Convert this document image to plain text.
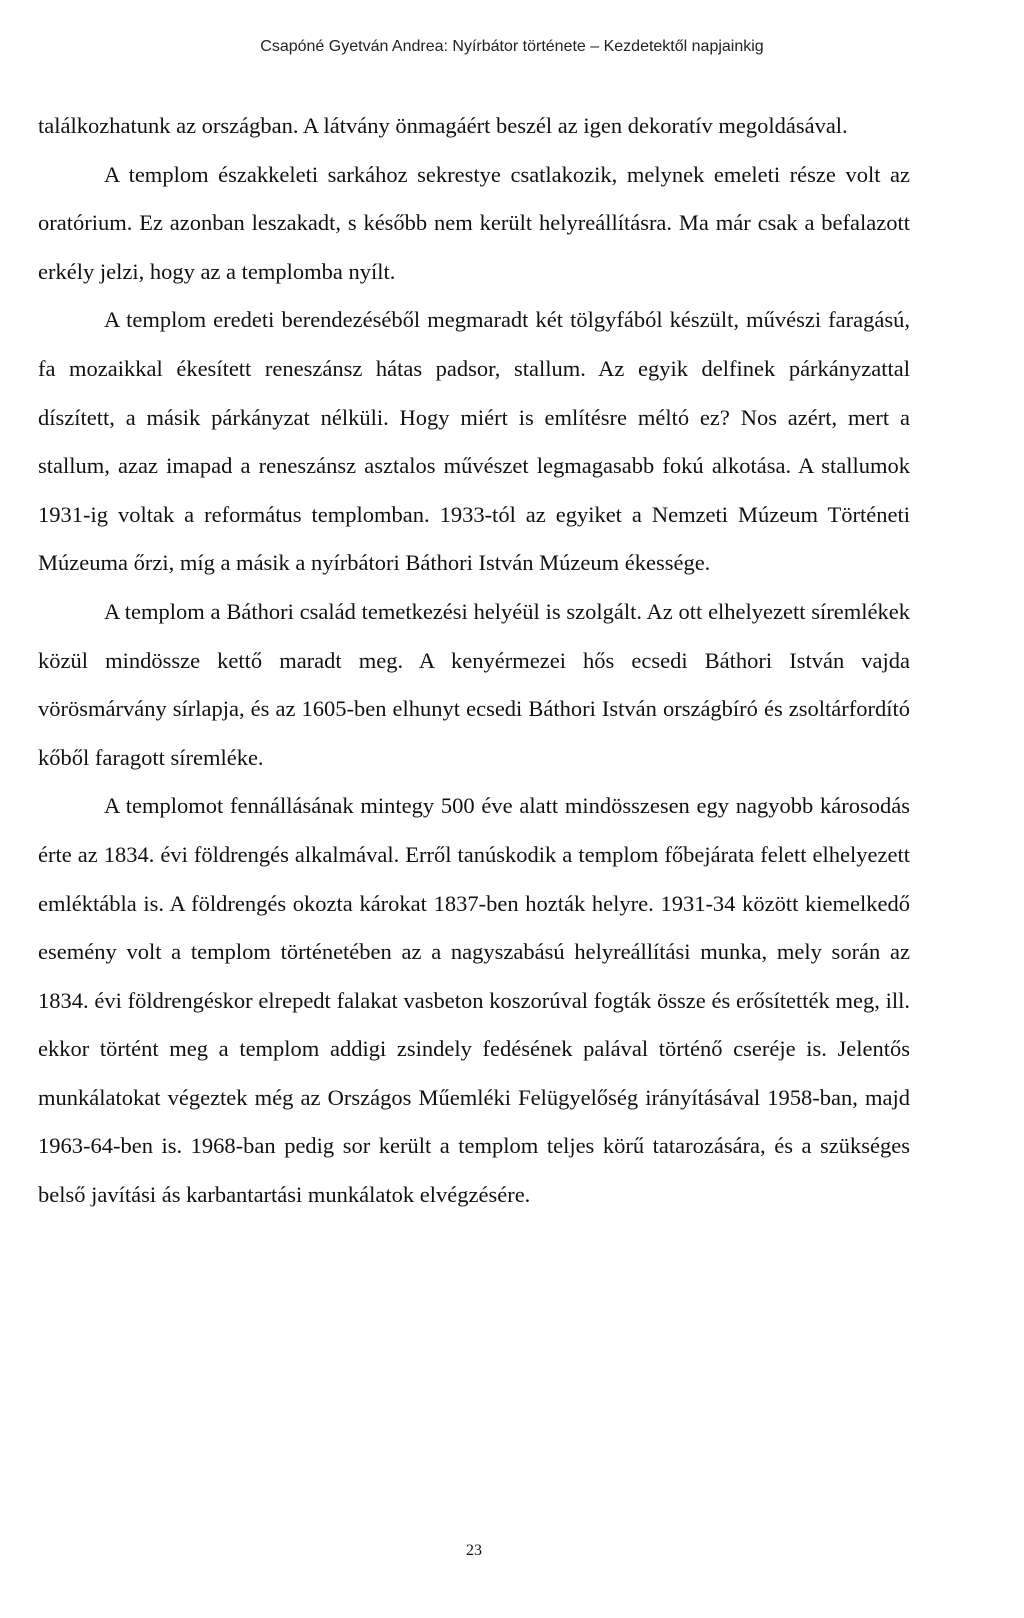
Csapóné Gyetván Andrea: Nyírbátor története – Kezdetektől napjainkig

találkozhatunk az országban. A látvány önmagáért beszél az igen dekoratív megoldásával.

A templom északkeleti sarkához sekrestye csatlakozik, melynek emeleti része volt az oratórium. Ez azonban leszakadt, s később nem került helyreállításra. Ma már csak a befalazott erkély jelzi, hogy az a templomba nyílt.

A templom eredeti berendezéséből megmaradt két tölgyfából készült, művészi faragású, fa mozaikkal ékesített reneszánsz hátas padsor, stallum. Az egyik delfinek párkányzattal díszített, a másik párkányzat nélküli. Hogy miért is említésre méltó ez? Nos azért, mert a stallum, azaz imapad a reneszánsz asztalos művészet legmagasabb fokú alkotása. A stallumok 1931-ig voltak a református templomban. 1933-tól az egyiket a Nemzeti Múzeum Történeti Múzeuma őrzi, míg a másik a nyírbátori Báthori István Múzeum ékessége.

A templom a Báthori család temetkezési helyéül is szolgált. Az ott elhelyezett síremlékek közül mindössze kettő maradt meg. A kenyérmezei hős ecsedi Báthori István vajda vörösmárvány sírlapja, és az 1605-ben elhunyt ecsedi Báthori István országbíró és zsoltárfordító kőből faragott síremléke.

A templomot fennállásának mintegy 500 éve alatt mindösszesen egy nagyobb károsodás érte az 1834. évi földrengés alkalmával. Erről tanúskodik a templom főbejárata felett elhelyezett emléktábla is. A földrengés okozta károkat 1837-ben hozták helyre. 1931-34 között kiemelkedő esemény volt a templom történetében az a nagyszabású helyreállítási munka, mely során az 1834. évi földrengéskor elrepedt falakat vasbeton koszorúval fogták össze és erősítették meg, ill. ekkor történt meg a templom addigi zsindely fedésének palával történő cseréje is. Jelentős munkálatokat végeztek még az Országos Műemléki Felügyelőség irányításával 1958-ban, majd 1963-64-ben is. 1968-ban pedig sor került a templom teljes körű tatarozására, és a szükséges belső javítási ás karbantartási munkálatok elvégzésére.

23
